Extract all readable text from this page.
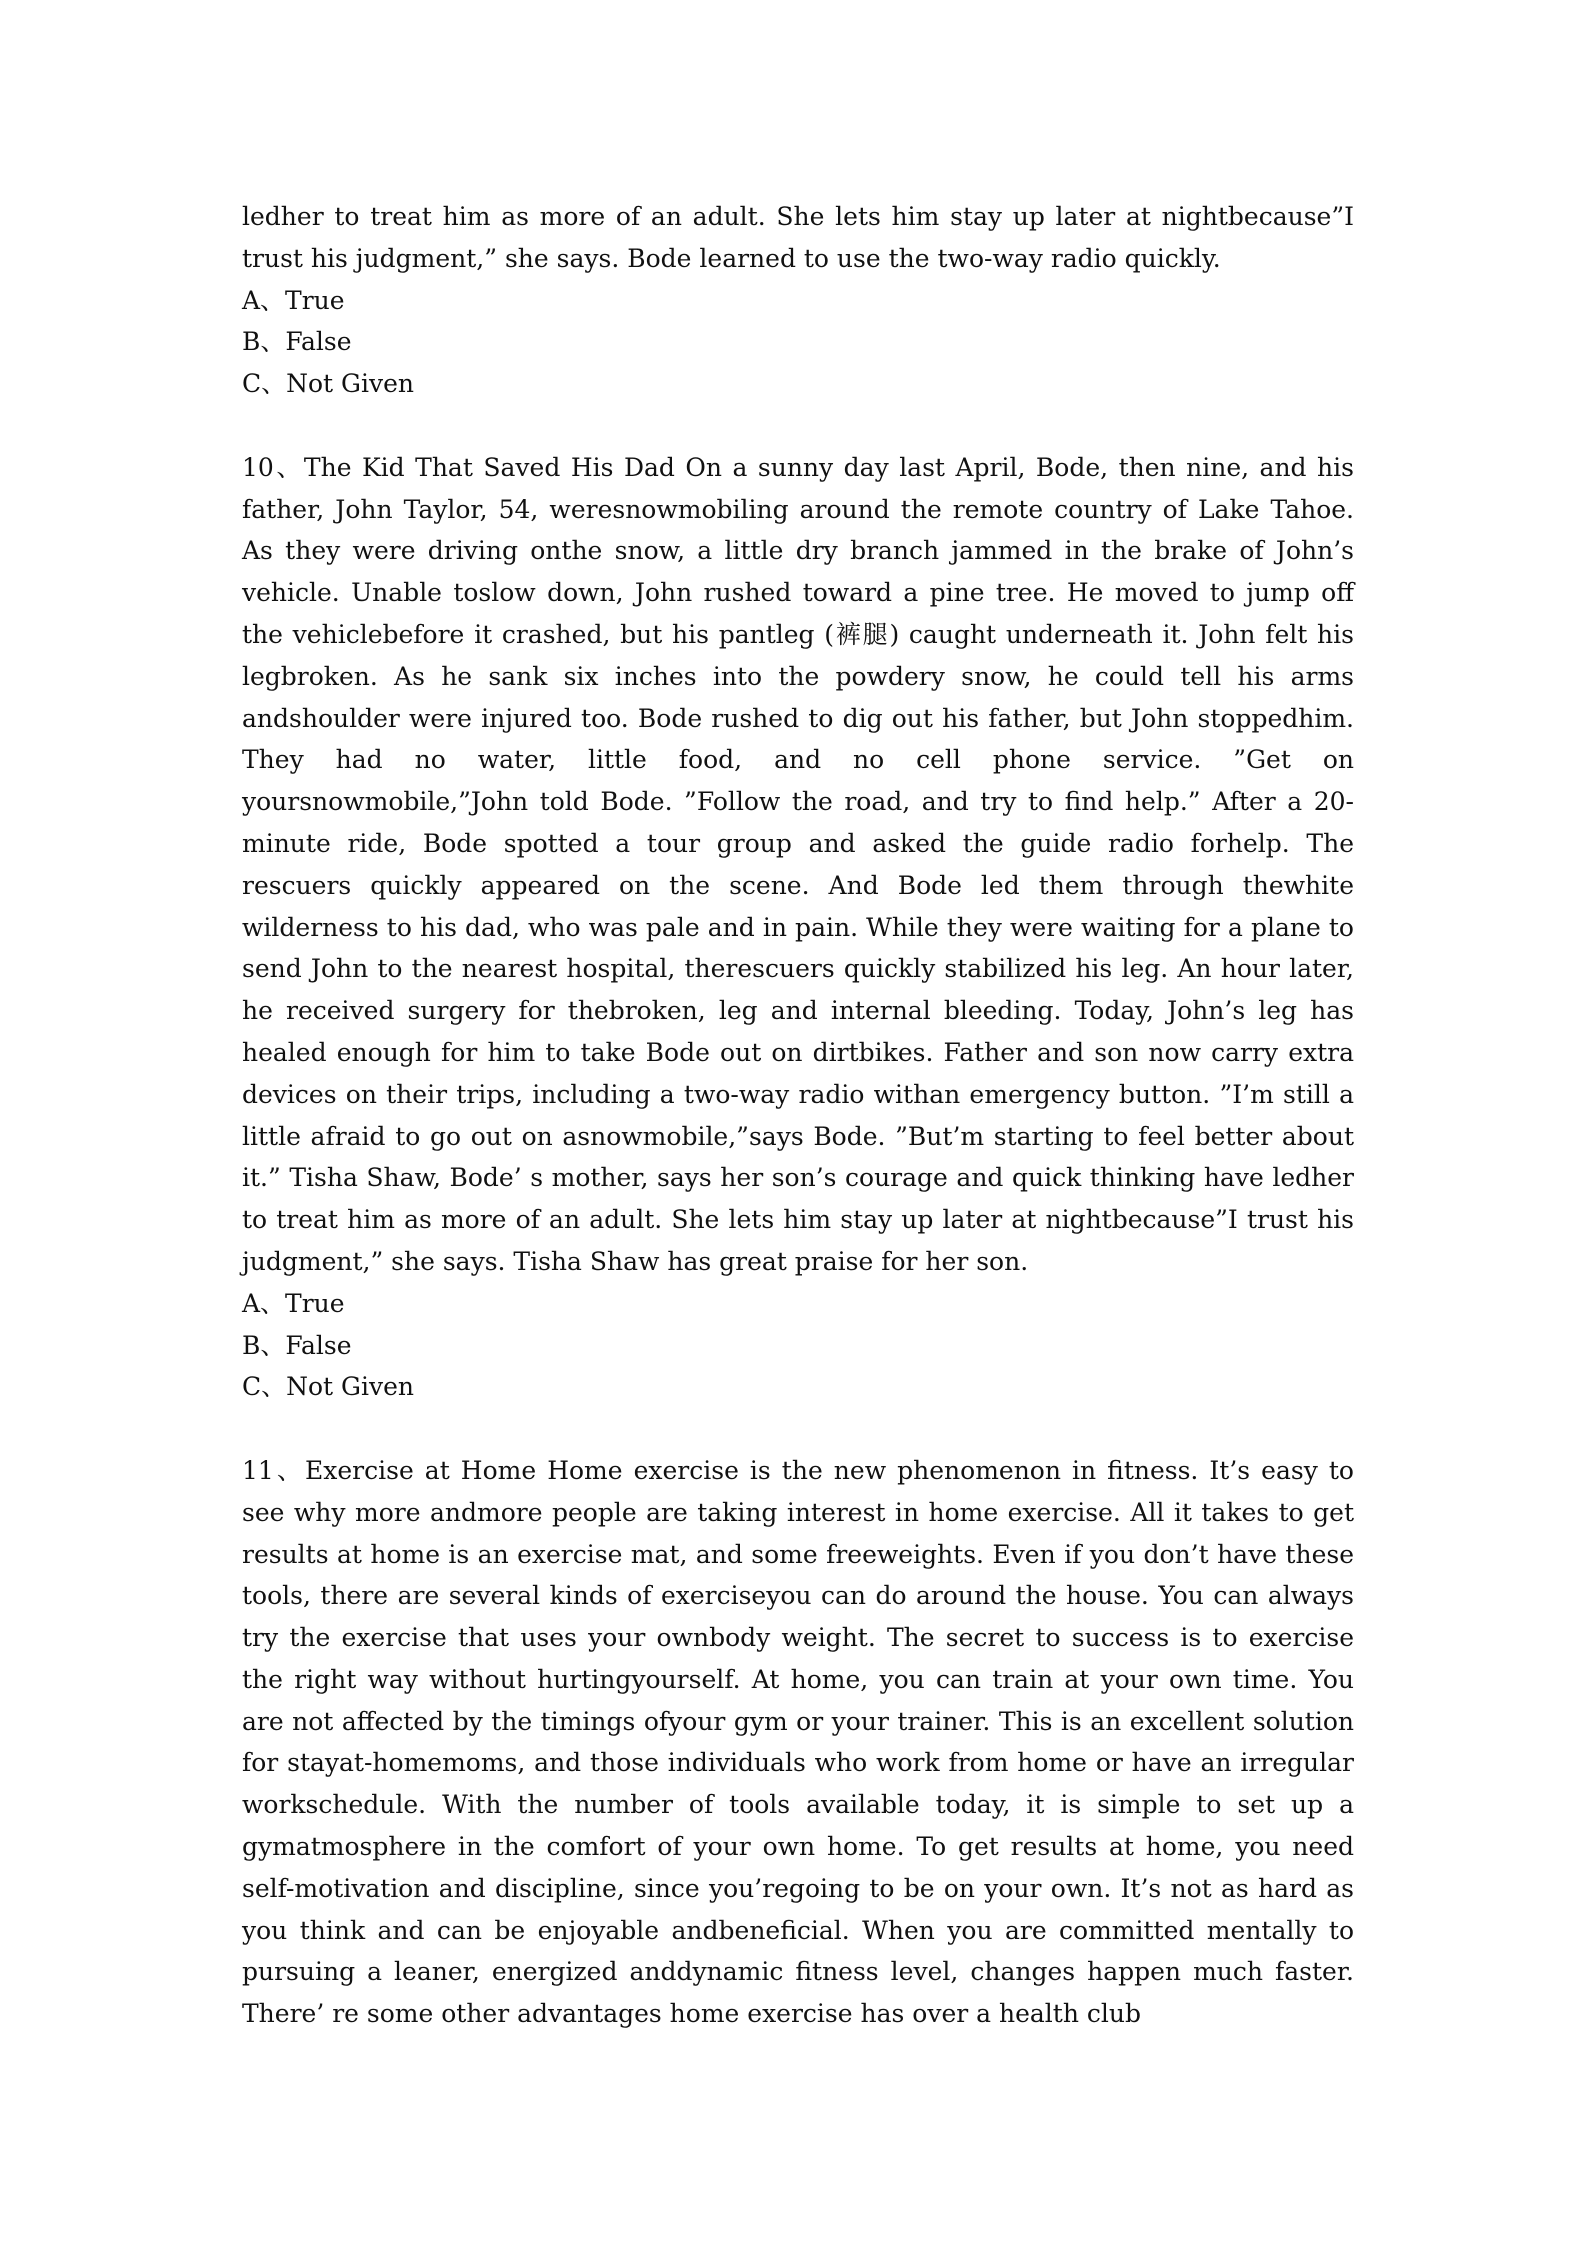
ledher to treat him as more of an adult. She lets him stay up later at nightbecause”I trust his judgment,” she says. Bode learned to use the two-way radio quickly.

A、True

B、False

C、Not Given

10、The Kid That Saved His Dad On a sunny day last April, Bode, then nine, and his father, John Taylor, 54, weresnowmobiling around the remote country of Lake Tahoe. As they were driving onthe snow, a little dry branch jammed in the brake of John’s vehicle. Unable toslow down, John rushed toward a pine tree. He moved to jump off the vehiclebefore it crashed, but his pantleg (裤腿) caught underneath it. John felt his legbroken. As he sank six inches into the powdery snow, he could tell his arms andshoulder were injured too. Bode rushed to dig out his father, but John stoppedhim. They had no water, little food, and no cell phone service. ”Get on yoursnowmobile,”John told Bode. ”Follow the road, and try to find help.” After a 20-minute ride, Bode spotted a tour group and asked the guide radio forhelp. The rescuers quickly appeared on the scene. And Bode led them through thewhite wilderness to his dad, who was pale and in pain. While they were waiting for a plane to send John to the nearest hospital, therescuers quickly stabilized his leg. An hour later, he received surgery for thebroken, leg and internal bleeding. Today, John’s leg has healed enough for him to take Bode out on dirtbikes. Father and son now carry extra devices on their trips, including a two-way radio withan emergency button. ”I’m still a little afraid to go out on asnowmobile,”says Bode. ”But’m starting to feel better about it.” Tisha Shaw, Bode’ s mother, says her son’s courage and quick thinking have ledher to treat him as more of an adult. She lets him stay up later at nightbecause”I trust his judgment,” she says. Tisha Shaw has great praise for her son.

A、True

B、False

C、Not Given

11、Exercise at Home Home exercise is the new phenomenon in fitness. It’s easy to see why more andmore people are taking interest in home exercise. All it takes to get results at home is an exercise mat, and some freeweights. Even if you don’t have these tools, there are several kinds of exerciseyou can do around the house. You can always try the exercise that uses your ownbody weight. The secret to success is to exercise the right way without hurtingyourself. At home, you can train at your own time. You are not affected by the timings ofyour gym or your trainer. This is an excellent solution for stayat-homemoms, and those individuals who work from home or have an irregular workschedule. With the number of tools available today, it is simple to set up a gymatmosphere in the comfort of your own home. To get results at home, you need self-motivation and discipline, since you’regoing to be on your own. It’s not as hard as you think and can be enjoyable andbeneficial. When you are committed mentally to pursuing a leaner, energized anddynamic fitness level, changes happen much faster. There’ re some other advantages home exercise has over a health club
